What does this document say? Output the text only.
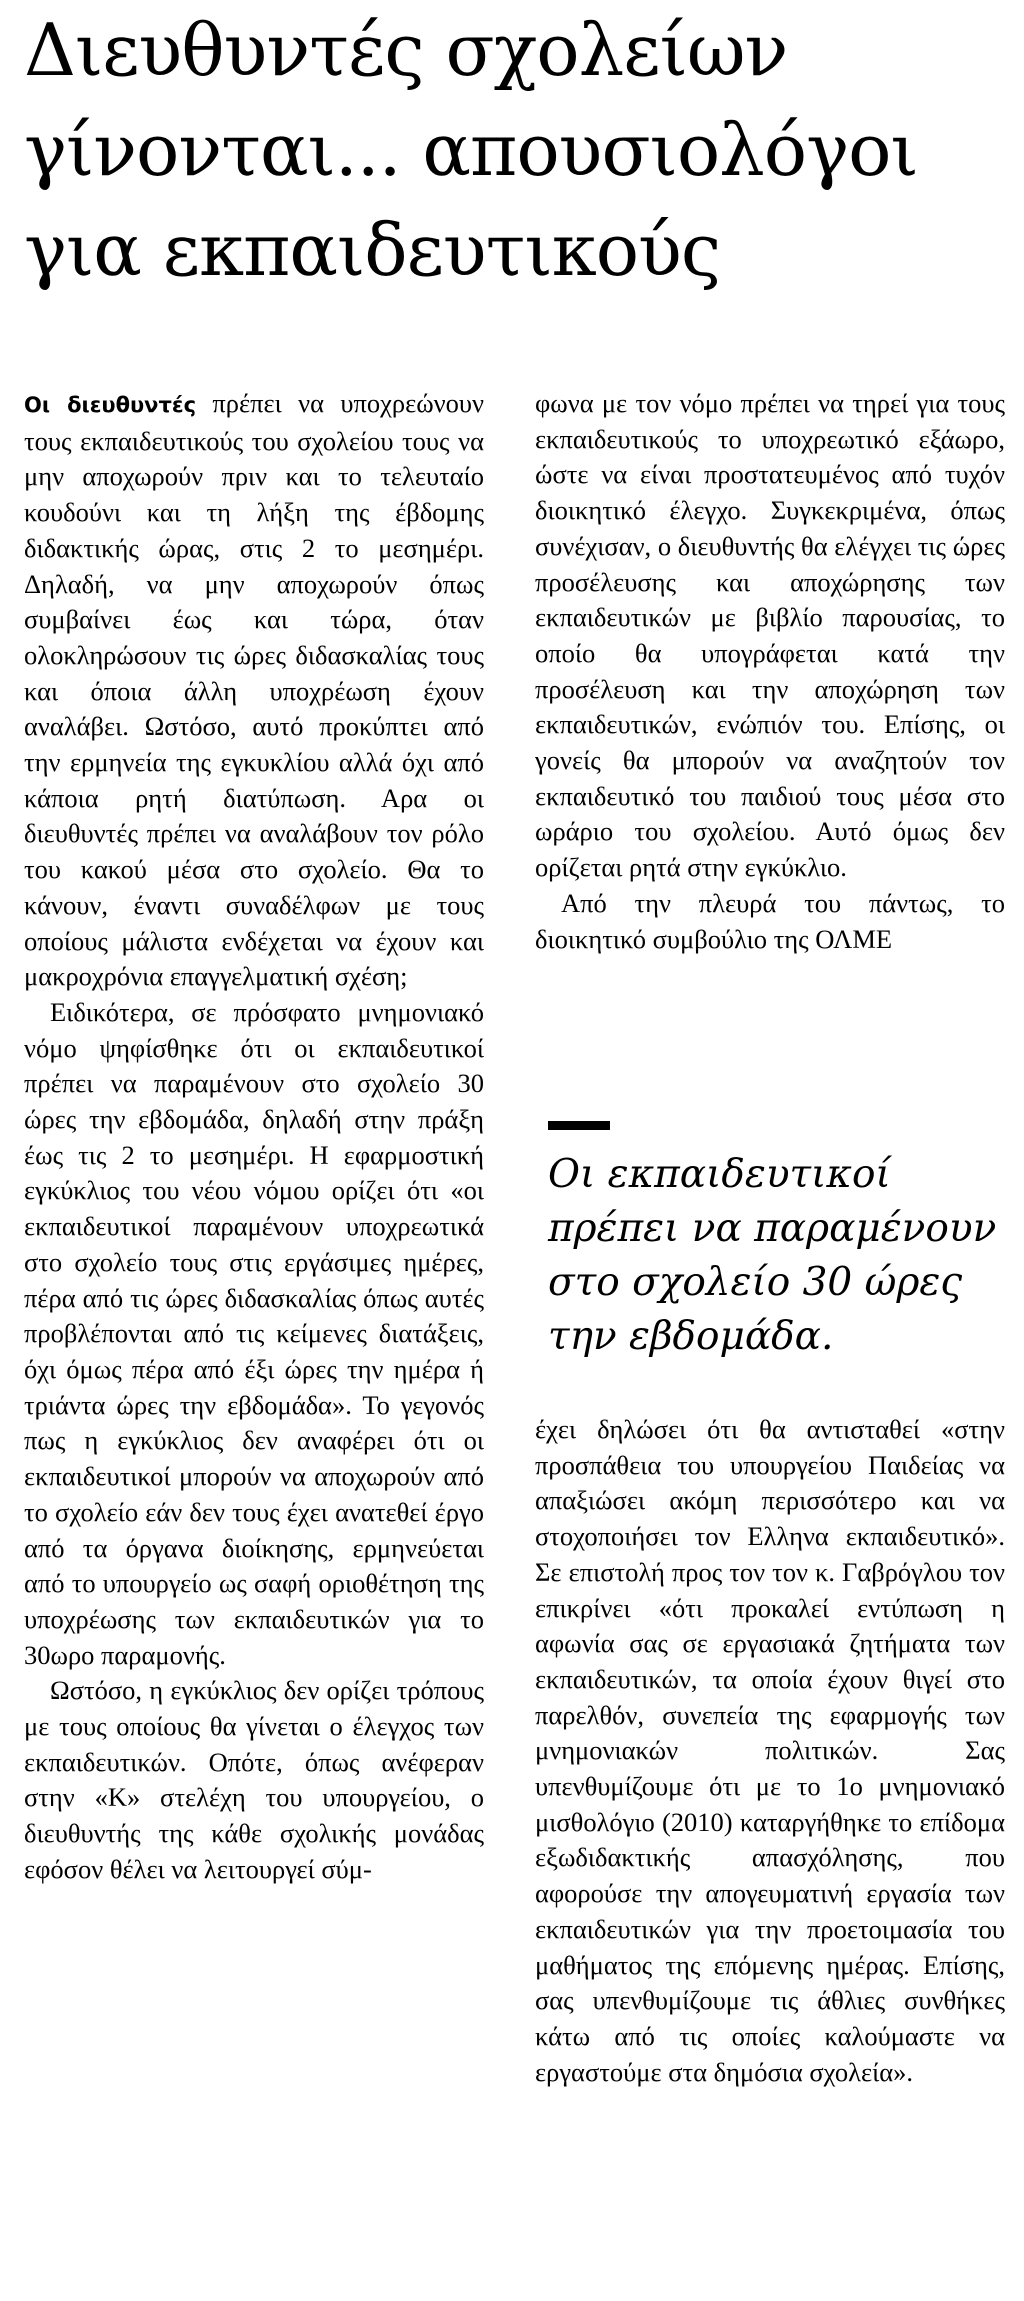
Διευθυντές σχολείων
γίνονται... απουσιολόγοι
για εκπαιδευτικούς

Οι διευθυντές πρέπει να υποχρεώνουν τους εκπαιδευτικούς του σχολείου τους να μην αποχωρούν πριν και το τελευταίο κουδούνι και τη λήξη της έβδομης διδακτικής ώρας, στις 2 το μεσημέρι. Δηλαδή, να μην αποχωρούν όπως συμβαίνει έως και τώρα, όταν ολοκληρώσουν τις ώρες διδασκαλίας τους και όποια άλλη υποχρέωση έχουν αναλάβει. Ωστόσο, αυτό προκύπτει από την ερμηνεία της εγκυκλίου αλλά όχι από κάποια ρητή διατύπωση. Αρα οι διευθυντές πρέπει να αναλάβουν τον ρόλο του κακού μέσα στο σχολείο. Θα το κάνουν, έναντι συναδέλφων με τους οποίους μάλιστα ενδέχεται να έχουν και μακροχρόνια επαγγελματική σχέση;

Ειδικότερα, σε πρόσφατο μνημονιακό νόμο ψηφίσθηκε ότι οι εκπαιδευτικοί πρέπει να παραμένουν στο σχολείο 30 ώρες την εβδομάδα, δηλαδή στην πράξη έως τις 2 το μεσημέρι. Η εφαρμοστική εγκύκλιος του νέου νόμου ορίζει ότι «οι εκπαιδευτικοί παραμένουν υποχρεωτικά στο σχολείο τους στις εργάσιμες ημέρες, πέρα από τις ώρες διδασκαλίας όπως αυτές προβλέπονται από τις κείμενες διατάξεις, όχι όμως πέρα από έξι ώρες την ημέρα ή τριάντα ώρες την εβδομάδα». Το γεγονός πως η εγκύκλιος δεν αναφέρει ότι οι εκπαιδευτικοί μπορούν να αποχωρούν από το σχολείο εάν δεν τους έχει ανατεθεί έργο από τα όργανα διοίκησης, ερμηνεύεται από το υπουργείο ως σαφή οριοθέτηση της υποχρέωσης των εκπαιδευτικών για το 30ωρο παραμονής.

Ωστόσο, η εγκύκλιος δεν ορίζει τρόπους με τους οποίους θα γίνεται ο έλεγχος των εκπαιδευτικών. Οπότε, όπως ανέφεραν στην «Κ» στελέχη του υπουργείου, ο διευθυντής της κάθε σχολικής μονάδας εφόσον θέλει να λειτουργεί σύμ-

φωνα με τον νόμο πρέπει να τηρεί για τους εκπαιδευτικούς το υποχρεωτικό εξάωρο, ώστε να είναι προστατευμένος από τυχόν διοικητικό έλεγχο. Συγκεκριμένα, όπως συνέχισαν, ο διευθυντής θα ελέγχει τις ώρες προσέλευσης και αποχώρησης των εκπαιδευτικών με βιβλίο παρουσίας, το οποίο θα υπογράφεται κατά την προσέλευση και την αποχώρηση των εκπαιδευτικών, ενώπιόν του. Επίσης, οι γονείς θα μπορούν να αναζητούν τον εκπαιδευτικό του παιδιού τους μέσα στο ωράριο του σχολείου. Αυτό όμως δεν ορίζεται ρητά στην εγκύκλιο.

Από την πλευρά του πάντως, το διοικητικό συμβούλιο της ΟΛΜΕ

Οι εκπαιδευτικοί
πρέπει να παραμένουν
στο σχολείο 30 ώρες
την εβδομάδα.

έχει δηλώσει ότι θα αντισταθεί «στην προσπάθεια του υπουργείου Παιδείας να απαξιώσει ακόμη περισσότερο και να στοχοποιήσει τον Ελληνα εκπαιδευτικό». Σε επιστολή προς τον τον κ. Γαβρόγλου τον επικρίνει «ότι προκαλεί εντύπωση η αφωνία σας σε εργασιακά ζητήματα των εκπαιδευτικών, τα οποία έχουν θιγεί στο παρελθόν, συνεπεία της εφαρμογής των μνημονιακών πολιτικών. Σας υπενθυμίζουμε ότι με το 1ο μνημονιακό μισθολόγιο (2010) καταργήθηκε το επίδομα εξωδιδακτικής απασχόλησης, που αφορούσε την απογευματινή εργασία των εκπαιδευτικών για την προετοιμασία του μαθήματος της επόμενης ημέρας. Επίσης, σας υπενθυμίζουμε τις άθλιες συνθήκες κάτω από τις οποίες καλούμαστε να εργαστούμε στα δημόσια σχολεία».
